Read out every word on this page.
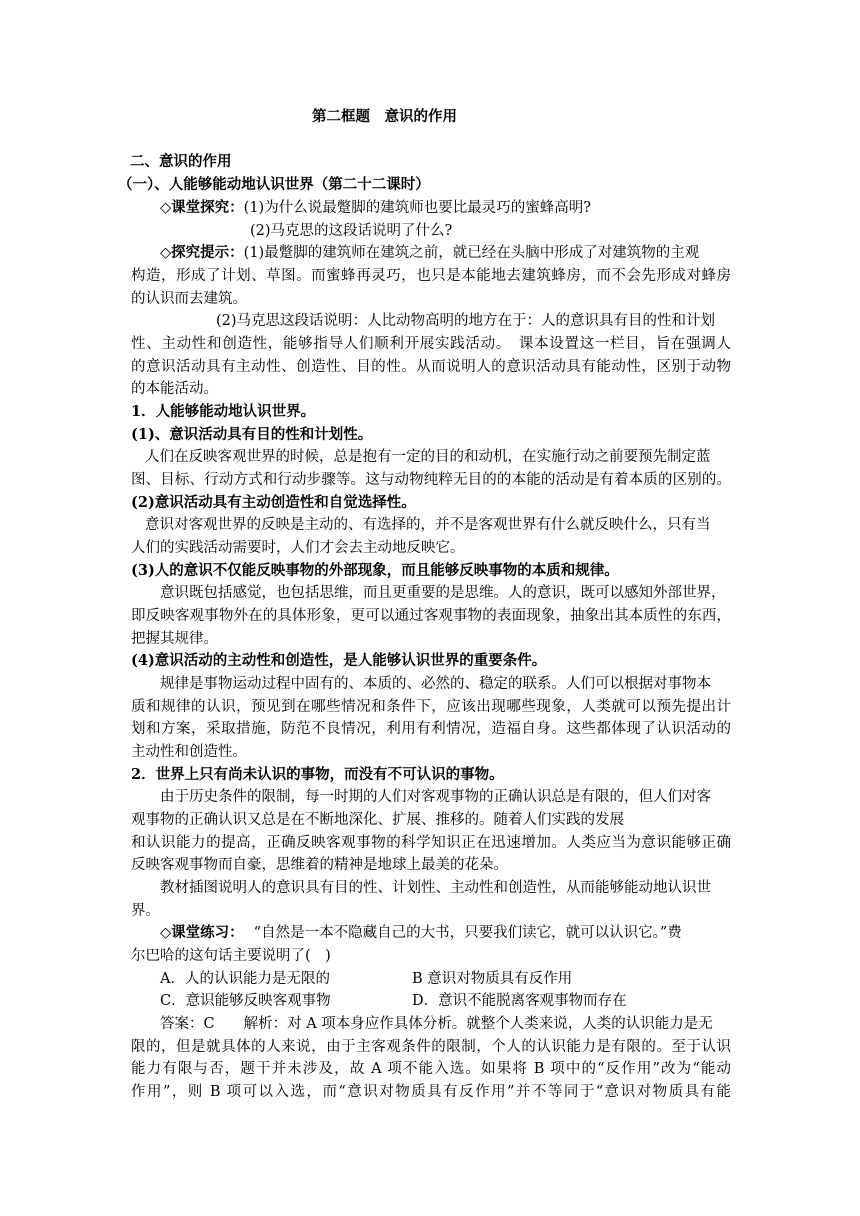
第二框题　意识的作用
二、意识的作用
（一）、人能够能动地认识世界（第二十二课时）
◇课堂探究：(1)为什么说最蹩脚的建筑师也要比最灵巧的蜜蜂高明?
(2)马克思的这段话说明了什么?
◇探究提示：(1)最蹩脚的建筑师在建筑之前，就已经在头脑中形成了对建筑物的主观
构造，形成了计划、草图。而蜜蜂再灵巧，也只是本能地去建筑蜂房，而不会先形成对蜂房
的认识而去建筑。
(2)马克思这段话说明：人比动物高明的地方在于：人的意识具有目的性和计划
性、主动性和创造性，能够指导人们顺利开展实践活动。　课本设置这一栏目，旨在强调人
的意识活动具有主动性、创造性、目的性。从而说明人的意识活动具有能动性，区别于动物
的本能活动。
1．人能够能动地认识世界。
(1)、意识活动具有目的性和计划性。
人们在反映客观世界的时候，总是抱有一定的目的和动机，在实施行动之前要预先制定蓝
图、目标、行动方式和行动步骤等。这与动物纯粹无目的的本能的活动是有着本质的区别的。
(2)意识活动具有主动创造性和自觉选择性。
意识对客观世界的反映是主动的、有选择的，并不是客观世界有什么就反映什么，只有当
人们的实践活动需要时，人们才会去主动地反映它。
(3)人的意识不仅能反映事物的外部现象，而且能够反映事物的本质和规律。
意识既包括感觉，也包括思维，而且更重要的是思维。人的意识，既可以感知外部世界，
即反映客观事物外在的具体形象，更可以通过客观事物的表面现象，抽象出其本质性的东西，
把握其规律。
(4)意识活动的主动性和创造性，是人能够认识世界的重要条件。
规律是事物运动过程中固有的、本质的、必然的、稳定的联系。人们可以根据对事物本
质和规律的认识，预见到在哪些情况和条件下，应该出现哪些现象，人类就可以预先提出计
划和方案，采取措施，防范不良情况，利用有利情况，造福自身。这些都体现了认识活动的
主动性和创造性。
2．世界上只有尚未认识的事物，而没有不可认识的事物。
由于历史条件的限制，每一时期的人们对客观事物的正确认识总是有限的，但人们对客
观事物的正确认识又总是在不断地深化、扩展、推移的。随着人们实践的发展
和认识能力的提高，正确反映客观事物的科学知识正在迅速增加。人类应当为意识能够正确
反映客观事物而自豪，思维着的精神是地球上最美的花朵。
教材插图说明人的意识具有目的性、计划性、主动性和创造性，从而能够能动地认识世
界。
◇课堂练习： “自然是一本不隐藏自己的大书，只要我们读它，就可以认识它。”费
尔巴哈的这句话主要说明了(　)
A．人的认识能力是无限的	B 意识对物质具有反作用
C．意识能够反映客观事物	D．意识不能脱离客观事物而存在
答案：C　　解析：对 A 项本身应作具体分析。就整个人类来说，人类的认识能力是无
限的，但是就具体的人来说，由于主客观条件的限制，个人的认识能力是有限的。至于认识
能力有限与否，题干并未涉及，故 A 项不能入选。如果将 B 项中的“反作用”改为“能动
作用”，则 B 项可以入选，而“意识对物质具有反作用”并不等同于“意识对物质具有能
